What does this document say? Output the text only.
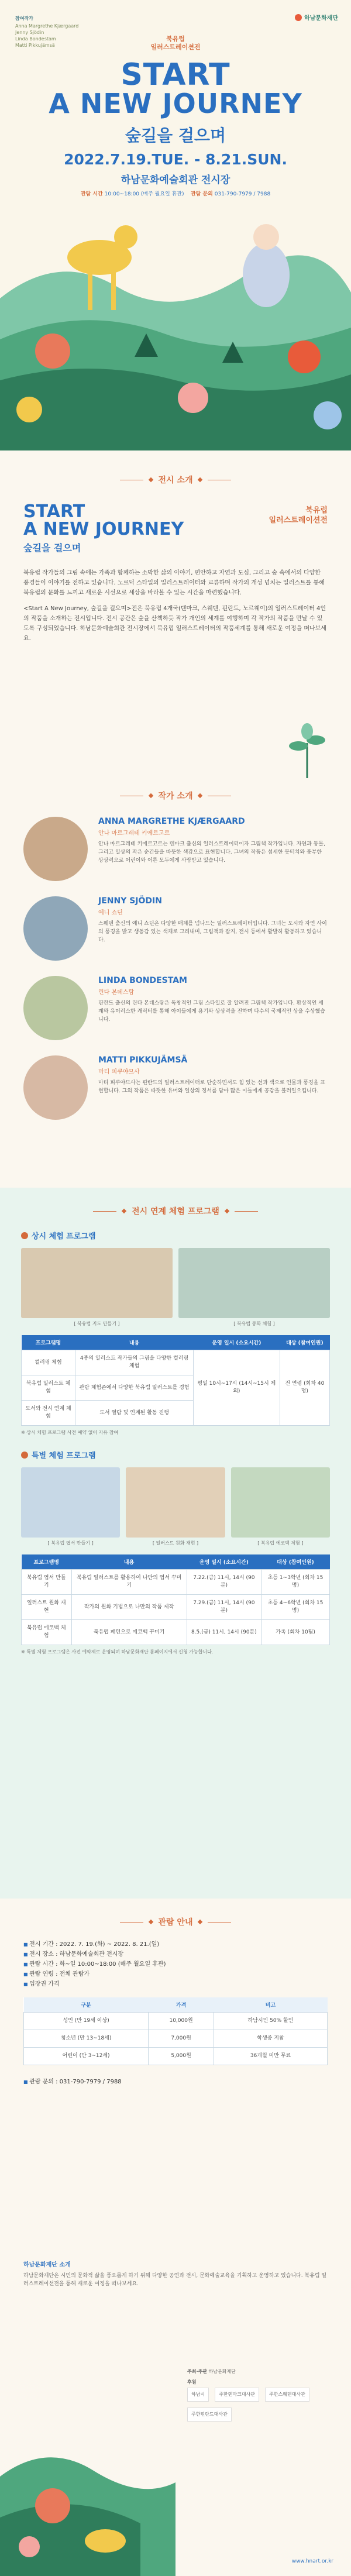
참여작가
Anna Margrethe Kjærgaard
Jenny Sjödin
Linda Bondestam
Matti Pikkujämsä
하남문화재단
북유럽
일러스트레이션전
START
A NEW JOURNEY
숲길을 걸으며
2022.7.19.TUE. - 8.21.SUN.
하남문화예술회관 전시장
관람 시간 10:00~18:00 (매주 월요일 휴관) 관람 문의 031-790-7979 / 7988
전시 소개
START
A NEW JOURNEY
숲길을 걸으며
북유럽
일러스트레이션전

북유럽 작가들의 그림 속에는 가족과 함께하는 소박한 삶의 이야기, 편안하고 자연과 도심, 그리고 숲 속에서의 다양한 풍경들이 이야기를 전하고 있습니다. 노르딕 스타일의 일러스트레이터와 교류하며 작가의 개성 넘치는 일러스트를 통해 북유럽의 문화를 느끼고 새로운 시선으로 세상을 바라볼 수 있는 시간을 마련했습니다.

<Start A New Journey, 숲길을 걸으며>전은 북유럽 4개국(덴마크, 스웨덴, 핀란드, 노르웨이)의 일러스트레이터 4인의 작품을 소개하는 전시입니다. 전시 공간은 숲을 산책하듯 작가 개인의 세계를 여행하며 각 작가의 작품을 만날 수 있도록 구성되었습니다. 하남문화예술회관 전시장에서 북유럽 일러스트레이터의 작품세계를 통해 새로운 여정을 떠나보세요.

작가 소개
ANNA MARGRETHE KJÆRGAARD
안나 마르그레테 키에르고르
안나 마르그레테 키에르고르는 덴마크 출신의 일러스트레이터이자 그림책 작가입니다. 자연과 동물, 그리고 일상의 작은 순간들을 따뜻한 색감으로 표현합니다. 그녀의 작품은 섬세한 붓터치와 풍부한 상상력으로 어린이와 어른 모두에게 사랑받고 있습니다.
JENNY SJÖDIN
예니 쇼딘
스웨덴 출신의 예니 쇼딘은 다양한 매체를 넘나드는 일러스트레이터입니다. 그녀는 도시와 자연 사이의 풍경을 밝고 생동감 있는 색채로 그려내며, 그림책과 잡지, 전시 등에서 활발히 활동하고 있습니다.
LINDA BONDESTAM
린다 본데스탐
핀란드 출신의 린다 본데스탐은 독창적인 그림 스타일로 잘 알려진 그림책 작가입니다. 환상적인 세계와 유머러스한 캐릭터를 통해 아이들에게 용기와 상상력을 전하며 다수의 국제적인 상을 수상했습니다.
MATTI PIKKUJÄMSÄ
마티 피쿠야므사
마티 피쿠야므사는 핀란드의 일러스트레이터로 단순하면서도 힘 있는 선과 색으로 인물과 풍경을 표현합니다. 그의 작품은 따뜻한 유머와 일상의 정서를 담아 많은 이들에게 공감을 불러일으킵니다.
전시 연계 체험 프로그램
상시 체험 프로그램
[ 북유럽 지도 만들기 ]	[ 북유럽 동화 체험 ]
프로그램명	내용	운영 일시 (소요시간)	대상 (참여인원)
컬러링 체험	4종의 일러스트 작가들의 그림을 다양한 컬러링 체험	평일 10시~17시 (14시~15시 제외)	전 연령 (회차 40명)
북유럽 일러스트 체험	관람 체험존에서 다양한 북유럽 일러스트를 경험		
도서와 전시 연계 체험	도서 열람 및 연계된 활동 진행		
※ 상시 체험 프로그램 사전 예약 없이 자유 참여
특별 체험 프로그램
[ 북유럽 엽서 만들기 ]	[ 일러스트 원화 재현 ]	[ 북유럽 에코백 체험 ]
프로그램명	내용	운영 일시 (소요시간)	대상 (참여인원)
북유럽 엽서 만들기	북유럽 일러스트를 활용하여 나만의 엽서 꾸미기	7.22.(금) 11시, 14시 (90분)	초등 1~3학년 (회차 15명)
일러스트 원화 재현	작가의 원화 기법으로 나만의 작품 제작	7.29.(금) 11시, 14시 (90분)	초등 4~6학년 (회차 15명)
북유럽 에코백 체험	북유럽 패턴으로 에코백 꾸미기	8.5.(금) 11시, 14시 (90분)	가족 (회차 10팀)
※ 특별 체험 프로그램은 사전 예약제로 운영되며 하남문화재단 홈페이지에서 신청 가능합니다.
관람 안내
■ 전시 기간 : 2022. 7. 19.(화) ~ 2022. 8. 21.(일)
■ 전시 장소 : 하남문화예술회관 전시장
■ 관람 시간 : 화~일 10:00~18:00 (매주 월요일 휴관)
■ 관람 연령 : 전체 관람가
■ 입장권 가격
구분	가격	비고
성인 (만 19세 이상)	10,000원	하남시민 50% 할인
청소년 (만 13~18세)	7,000원	학생증 지참
어린이 (만 3~12세)	5,000원	36개월 미만 무료
■ 관람 문의 : 031-790-7979 / 7988
하남문화재단 소개
하남문화재단은 시민의 문화적 삶을 풍요롭게 하기 위해 다양한 공연과 전시, 문화예술교육을 기획하고 운영하고 있습니다. 북유럽 일러스트레이션전을 통해 새로운 여정을 떠나보세요.
주최·주관 하남문화재단
후원
하남시	주한덴마크대사관	주한스웨덴대사관
주한핀란드대사관
www.hnart.or.kr
